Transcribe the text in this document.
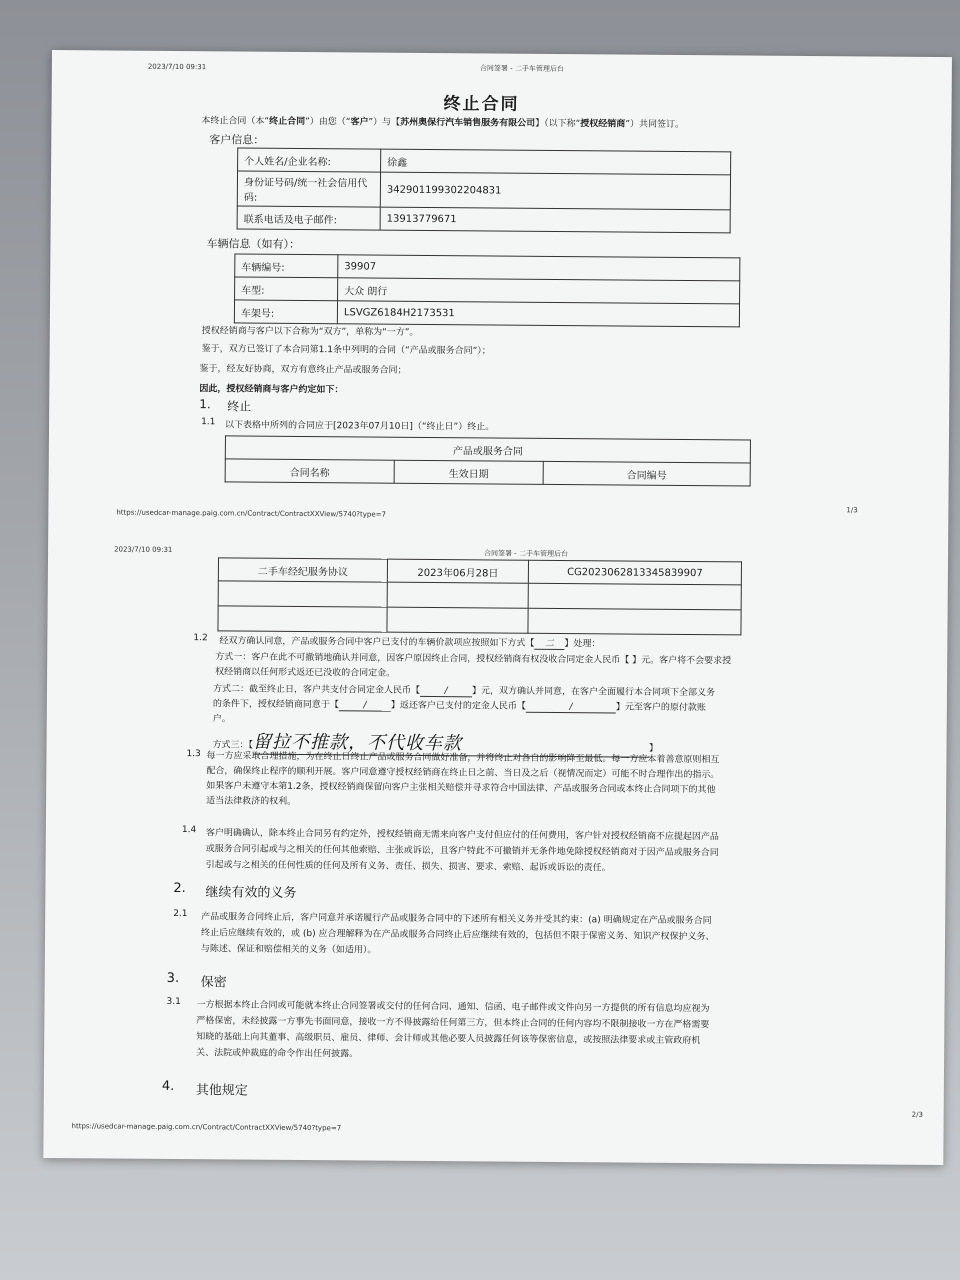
2023/7/10 09:31	合同签署 - 二手车管理后台
终止合同
本终止合同（本“终止合同”）由您（“客户”）与【苏州奥保行汽车销售服务有限公司】（以下称“授权经销商”）共同签订。
客户信息：
个人姓名/企业名称:	徐鑫
身份证号码/统一社会信用代码:	342901199302204831
联系电话及电子邮件:	13913779671
车辆信息（如有）：
车辆编号:	39907
车型:	大众 朗行
车架号:	LSVGZ6184H2173531
授权经销商与客户以下合称为“双方”，单称为“一方”。
鉴于，双方已签订了本合同第1.1条中列明的合同（“产品或服务合同”）；
鉴于，经友好协商，双方有意终止产品或服务合同；
因此，授权经销商与客户约定如下：
1. 终止
1.1 以下表格中所列的合同应于[2023年07月10日]（“终止日”）终止。
产品或服务合同
合同名称	生效日期	合同编号
https://usedcar-manage.paig.com.cn/Contract/ContractXXView/5740?type=7	1/3
2023/7/10 09:31	合同签署 - 二手车管理后台
二手车经纪服务协议	2023年06月28日	CG2023062813345839907

1.2 经双方确认同意，产品或服务合同中客户已支付的车辆价款项应按照如下方式【 二 】处理：
方式一：客户在此不可撤销地确认并同意，因客户原因终止合同，授权经销商有权没收合同定金人民币【 】元。客户将不会要求授
权经销商以任何形式返还已没收的合同定金。
方式二：截至终止日，客户共支付合同定金人民币【	/	】元，双方确认并同意，在客户全面履行本合同项下全部义务
的条件下，授权经销商同意于【	/	】返还客户已支付的定金人民币【	/	】元至客户的原付款账
户。
方式三：【留拉不推款，不代收车款	】
1.3 每一方应采取合理措施，为在终止日终止产品或服务合同做好准备，并将终止对各自的影响降至最低。每一方应本着善意原则相互
配合，确保终止程序的顺利开展。客户同意遵守授权经销商在终止日之前、当日及之后（视情况而定）可能不时合理作出的指示。
如果客户未遵守本第1.2条，授权经销商保留向客户主张相关赔偿并寻求符合中国法律、产品或服务合同或本终止合同项下的其他
适当法律救济的权利。
1.4 客户明确确认，除本终止合同另有约定外，授权经销商无需来向客户支付但应付的任何费用，客户针对授权经销商不应提起因产品
或服务合同引起或与之相关的任何其他索赔、主张或诉讼，且客户特此不可撤销并无条件地免除授权经销商对于因产品或服务合同
引起或与之相关的任何性质的任何及所有义务、责任、损失、损害、要求、索赔、起诉或诉讼的责任。
2. 继续有效的义务
2.1 产品或服务合同终止后，客户同意并承诺履行产品或服务合同中的下述所有相关义务并受其约束：(a) 明确规定在产品或服务合同
终止后应继续有效的，或 (b) 应合理解释为在产品或服务合同终止后应继续有效的，包括但不限于保密义务、知识产权保护义务、
与陈述、保证和赔偿相关的义务（如适用）。
3. 保密
3.1 一方根据本终止合同或可能就本终止合同签署或交付的任何合同、通知、信函、电子邮件或文件向另一方提供的所有信息均应视为
严格保密，未经披露一方事先书面同意，接收一方不得披露给任何第三方，但本终止合同的任何内容均不限制接收一方在严格需要
知晓的基础上向其董事、高级职员、雇员、律师、会计师或其他必要人员披露任何该等保密信息，或按照法律要求或主管政府机
关、法院或仲裁庭的命令作出任何披露。
4. 其他规定
https://usedcar-manage.paig.com.cn/Contract/ContractXXView/5740?type=7
2/3
